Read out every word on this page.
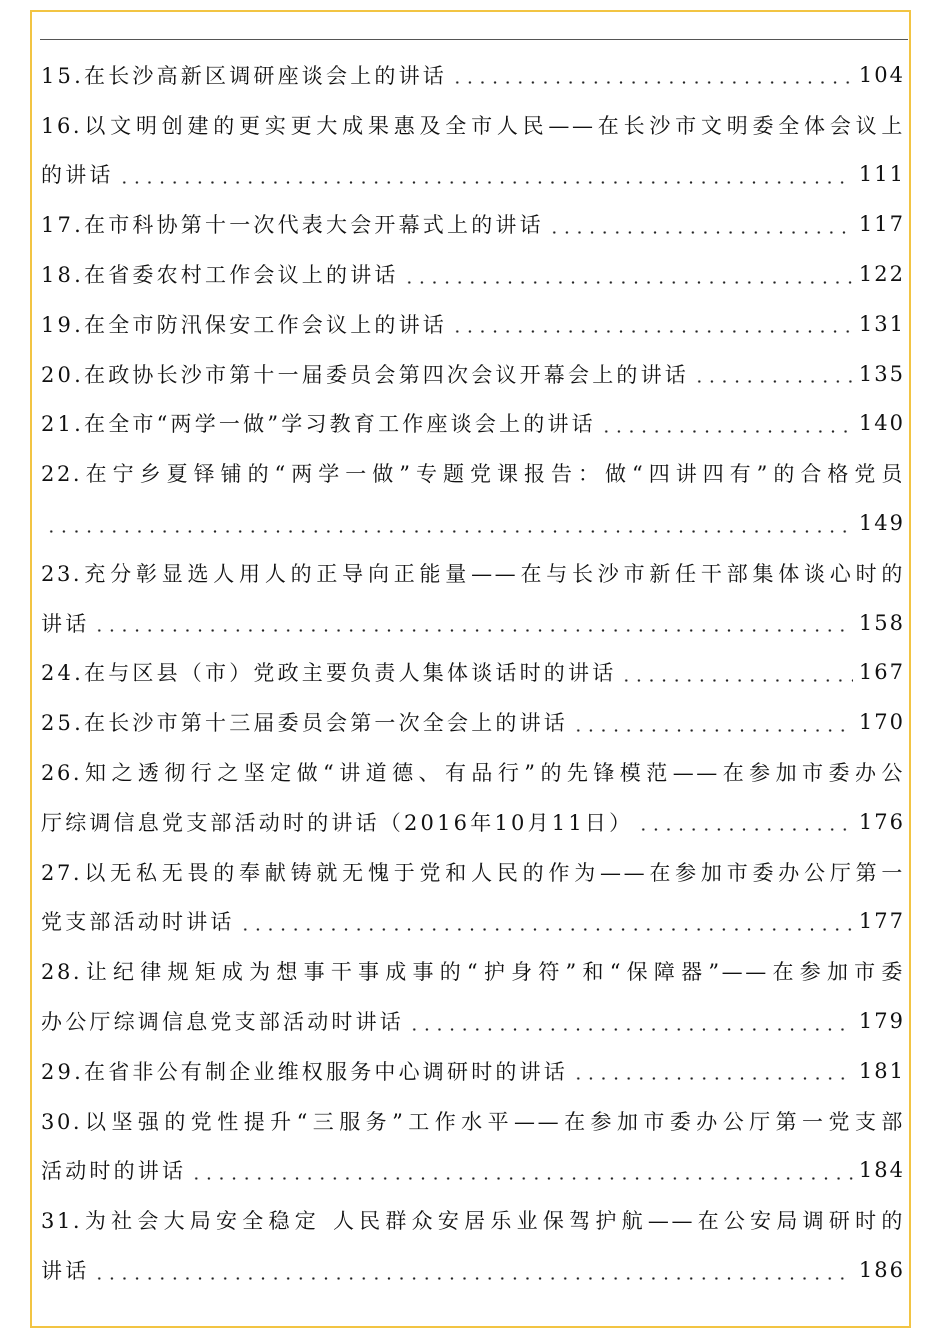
15.在长沙高新区调研座谈会上的讲话	104
16.以文明创建的更实更大成果惠及全市人民——在长沙市文明委全体会议上
的讲话	111
17.在市科协第十一次代表大会开幕式上的讲话	117
18.在省委农村工作会议上的讲话	122
19.在全市防汛保安工作会议上的讲话	131
20.在政协长沙市第十一届委员会第四次会议开幕会上的讲话	135
21.在全市“两学一做”学习教育工作座谈会上的讲话	140
22.在宁乡夏铎铺的“两学一做”专题党课报告：做“四讲四有”的合格党员
149
23.充分彰显选人用人的正导向正能量——在与长沙市新任干部集体谈心时的
讲话	158
24.在与区县（市）党政主要负责人集体谈话时的讲话	167
25.在长沙市第十三届委员会第一次全会上的讲话	170
26.知之透彻行之坚定做“讲道德、有品行”的先锋模范——在参加市委办公
厅综调信息党支部活动时的讲话（2016年10月11日）	176
27.以无私无畏的奉献铸就无愧于党和人民的作为——在参加市委办公厅第一
党支部活动时讲话	177
28.让纪律规矩成为想事干事成事的“护身符”和“保障器”——在参加市委
办公厅综调信息党支部活动时讲话	179
29.在省非公有制企业维权服务中心调研时的讲话	181
30.以坚强的党性提升“三服务”工作水平——在参加市委办公厅第一党支部
活动时的讲话	184
31.为社会大局安全稳定 人民群众安居乐业保驾护航——在公安局调研时的
讲话	186
